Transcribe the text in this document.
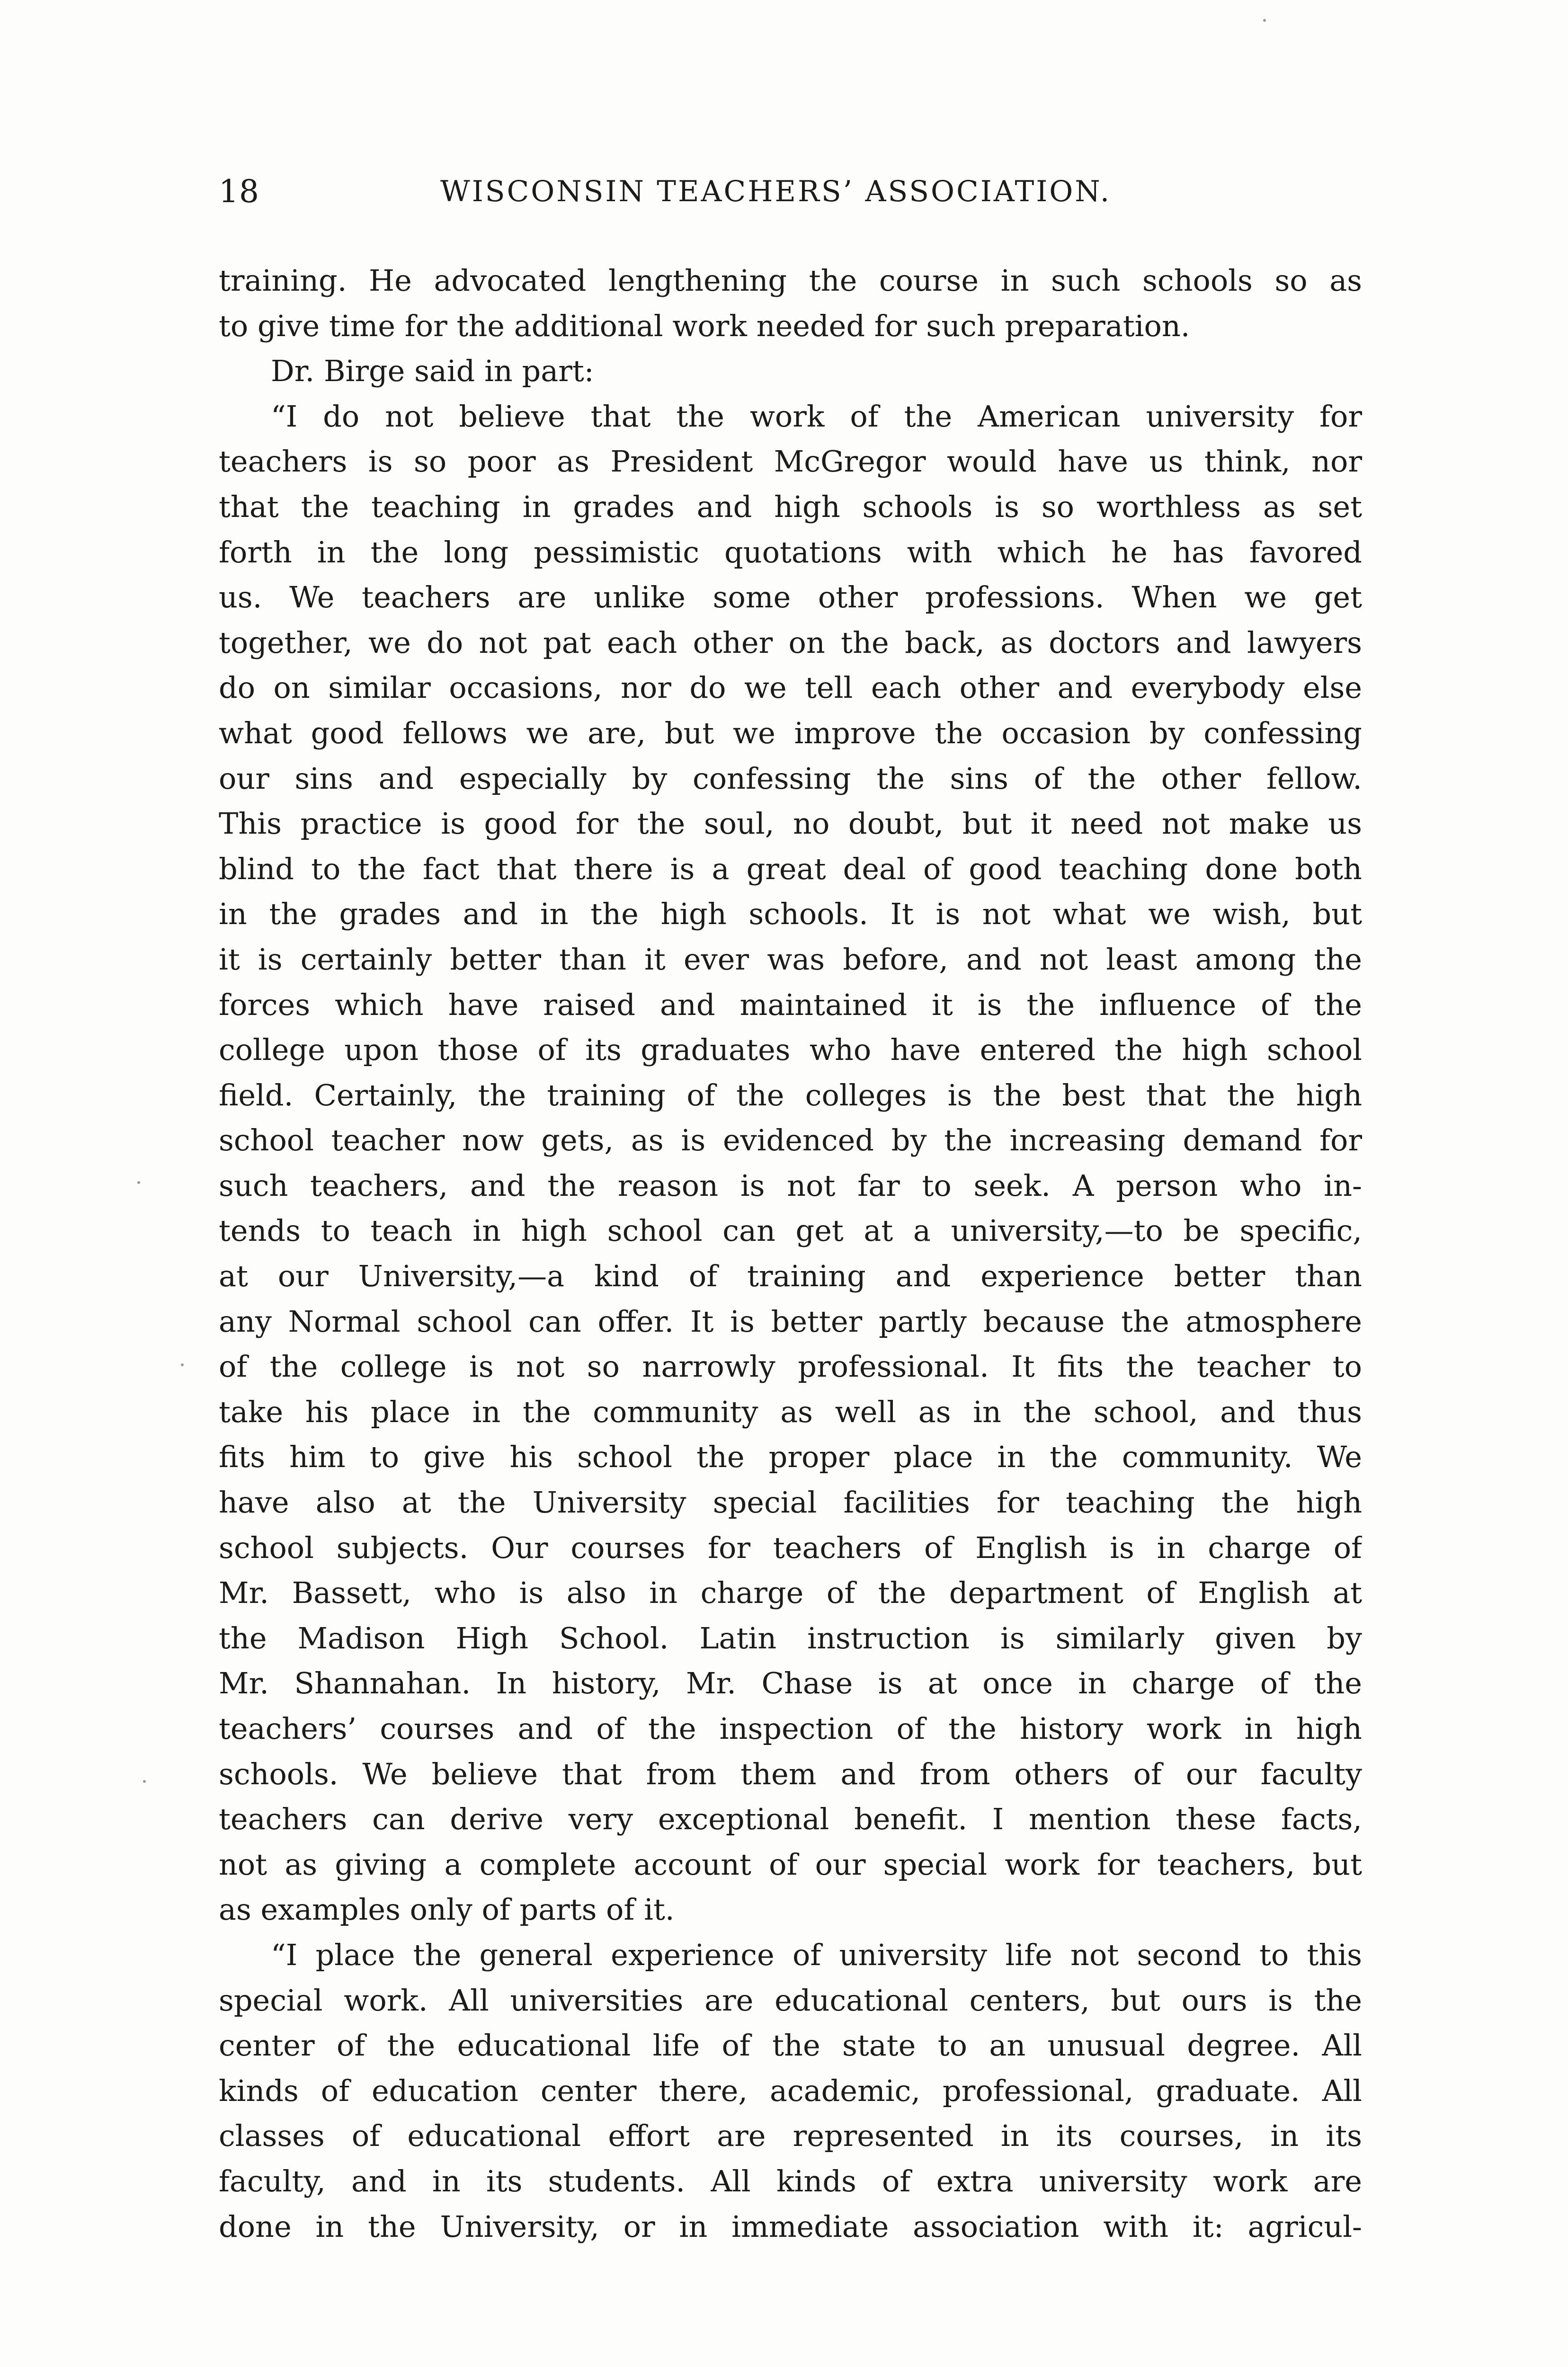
18	WISCONSIN TEACHERS’ ASSOCIATION.
training. He advocated lengthening the course in such schools so as
to give time for the additional work needed for such preparation.
Dr. Birge said in part:
“I do not believe that the work of the American university for
teachers is so poor as President McGregor would have us think, nor
that the teaching in grades and high schools is so worthless as set
forth in the long pessimistic quotations with which he has favored
us. We teachers are unlike some other professions. When we get
together, we do not pat each other on the back, as doctors and lawyers
do on similar occasions, nor do we tell each other and everybody else
what good fellows we are, but we improve the occasion by confessing
our sins and especially by confessing the sins of the other fellow.
This practice is good for the soul, no doubt, but it need not make us
blind to the fact that there is a great deal of good teaching done both
in the grades and in the high schools. It is not what we wish, but
it is certainly better than it ever was before, and not least among the
forces which have raised and maintained it is the influence of the
college upon those of its graduates who have entered the high school
field. Certainly, the training of the colleges is the best that the high
school teacher now gets, as is evidenced by the increasing demand for
such teachers, and the reason is not far to seek. A person who in-
tends to teach in high school can get at a university,—to be specific,
at our University,—a kind of training and experience better than
any Normal school can offer. It is better partly because the atmosphere
of the college is not so narrowly professional. It fits the teacher to
take his place in the community as well as in the school, and thus
fits him to give his school the proper place in the community. We
have also at the University special facilities for teaching the high
school subjects. Our courses for teachers of English is in charge of
Mr. Bassett, who is also in charge of the department of English at
the Madison High School. Latin instruction is similarly given by
Mr. Shannahan. In history, Mr. Chase is at once in charge of the
teachers’ courses and of the inspection of the history work in high
schools. We believe that from them and from others of our faculty
teachers can derive very exceptional benefit. I mention these facts,
not as giving a complete account of our special work for teachers, but
as examples only of parts of it.
“I place the general experience of university life not second to this
special work. All universities are educational centers, but ours is the
center of the educational life of the state to an unusual degree. All
kinds of education center there, academic, professional, graduate. All
classes of educational effort are represented in its courses, in its
faculty, and in its students. All kinds of extra university work are
done in the University, or in immediate association with it: agricul-
